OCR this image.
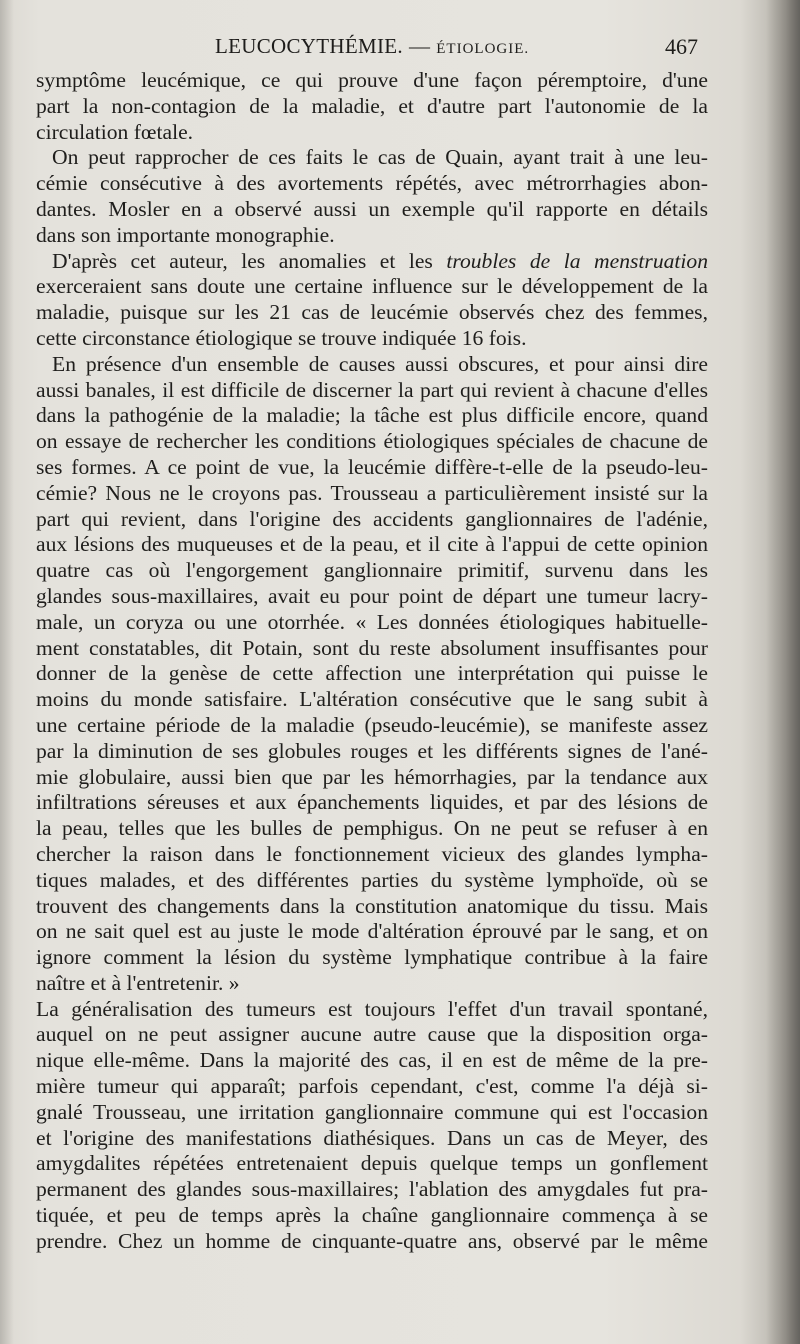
LEUCOCYTHÉMIE. — ÉTIOLOGIE.	467
symptôme leucémique, ce qui prouve d'une façon péremptoire, d'une
part la non-contagion de la maladie, et d'autre part l'autonomie de la
circulation fœtale.
On peut rapprocher de ces faits le cas de Quain, ayant trait à une leu-
cémie consécutive à des avortements répétés, avec métrorrhagies abon-
dantes. Mosler en a observé aussi un exemple qu'il rapporte en détails
dans son importante monographie.
D'après cet auteur, les anomalies et les troubles de la menstruation
exerceraient sans doute une certaine influence sur le développement de la
maladie, puisque sur les 21 cas de leucémie observés chez des femmes,
cette circonstance étiologique se trouve indiquée 16 fois.
En présence d'un ensemble de causes aussi obscures, et pour ainsi dire
aussi banales, il est difficile de discerner la part qui revient à chacune d'elles
dans la pathogénie de la maladie; la tâche est plus difficile encore, quand
on essaye de rechercher les conditions étiologiques spéciales de chacune de
ses formes. A ce point de vue, la leucémie diffère-t-elle de la pseudo-leu-
cémie? Nous ne le croyons pas. Trousseau a particulièrement insisté sur la
part qui revient, dans l'origine des accidents ganglionnaires de l'adénie,
aux lésions des muqueuses et de la peau, et il cite à l'appui de cette opinion
quatre cas où l'engorgement ganglionnaire primitif, survenu dans les
glandes sous-maxillaires, avait eu pour point de départ une tumeur lacry-
male, un coryza ou une otorrhée. « Les données étiologiques habituelle-
ment constatables, dit Potain, sont du reste absolument insuffisantes pour
donner de la genèse de cette affection une interprétation qui puisse le
moins du monde satisfaire. L'altération consécutive que le sang subit à
une certaine période de la maladie (pseudo-leucémie), se manifeste assez
par la diminution de ses globules rouges et les différents signes de l'ané-
mie globulaire, aussi bien que par les hémorrhagies, par la tendance aux
infiltrations séreuses et aux épanchements liquides, et par des lésions de
la peau, telles que les bulles de pemphigus. On ne peut se refuser à en
chercher la raison dans le fonctionnement vicieux des glandes lympha-
tiques malades, et des différentes parties du système lymphoïde, où se
trouvent des changements dans la constitution anatomique du tissu. Mais
on ne sait quel est au juste le mode d'altération éprouvé par le sang, et on
ignore comment la lésion du système lymphatique contribue à la faire
naître et à l'entretenir. »
La généralisation des tumeurs est toujours l'effet d'un travail spontané,
auquel on ne peut assigner aucune autre cause que la disposition orga-
nique elle-même. Dans la majorité des cas, il en est de même de la pre-
mière tumeur qui apparaît; parfois cependant, c'est, comme l'a déjà si-
gnalé Trousseau, une irritation ganglionnaire commune qui est l'occasion
et l'origine des manifestations diathésiques. Dans un cas de Meyer, des
amygdalites répétées entretenaient depuis quelque temps un gonflement
permanent des glandes sous-maxillaires; l'ablation des amygdales fut pra-
tiquée, et peu de temps après la chaîne ganglionnaire commença à se
prendre. Chez un homme de cinquante-quatre ans, observé par le même
